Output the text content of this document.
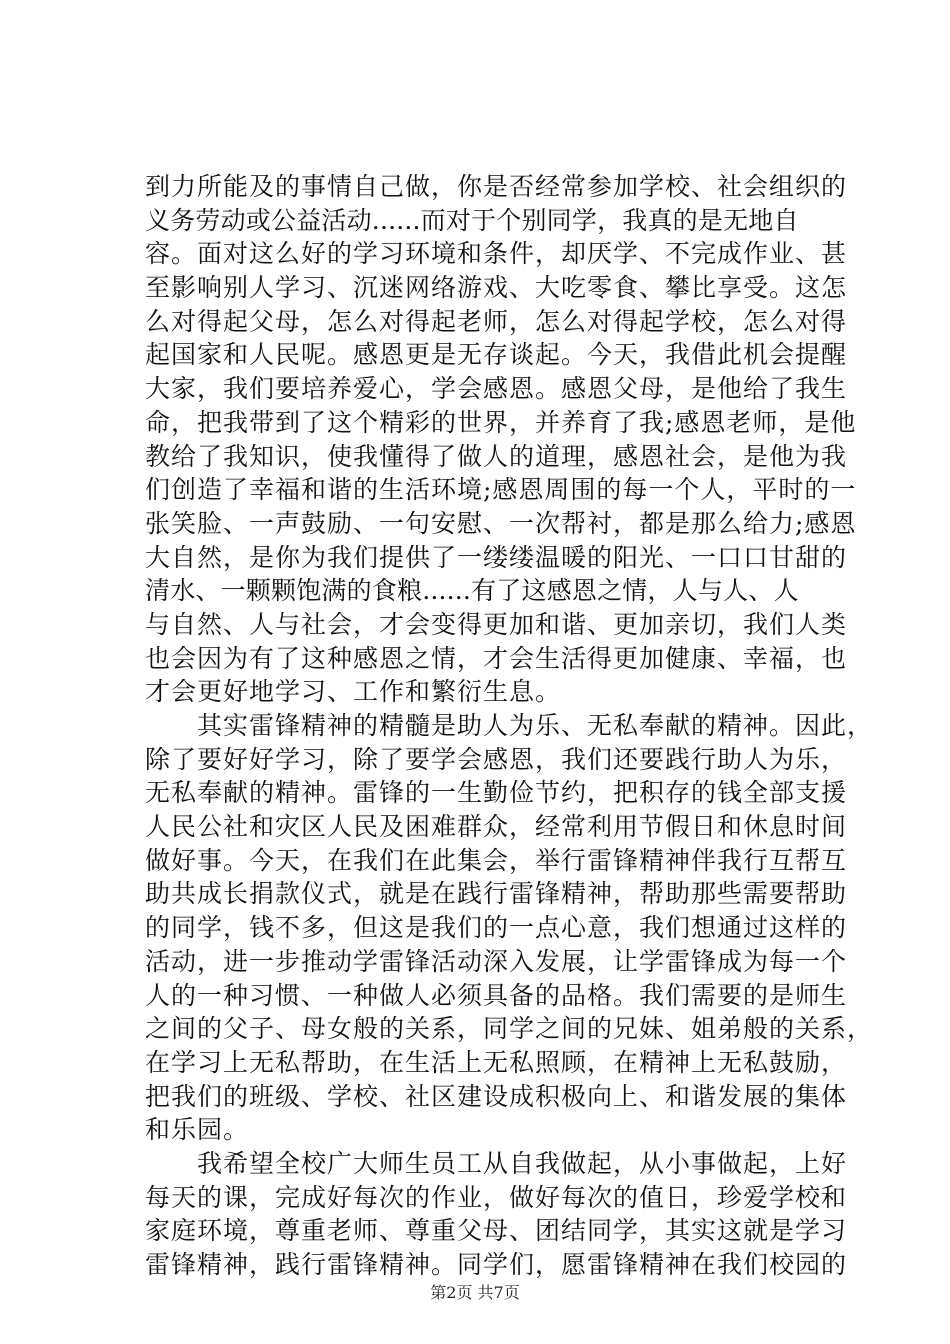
到力所能及的事情自己做，你是否经常参加学校、社会组织的
义务劳动或公益活动......而对于个别同学，我真的是无地自
容。面对这么好的学习环境和条件，却厌学、不完成作业、甚
至影响别人学习、沉迷网络游戏、大吃零食、攀比享受。这怎
么对得起父母，怎么对得起老师，怎么对得起学校，怎么对得
起国家和人民呢。感恩更是无存谈起。今天，我借此机会提醒
大家，我们要培养爱心，学会感恩。感恩父母，是他给了我生
命，把我带到了这个精彩的世界，并养育了我;感恩老师，是他
教给了我知识，使我懂得了做人的道理，感恩社会，是他为我
们创造了幸福和谐的生活环境;感恩周围的每一个人，平时的一
张笑脸、一声鼓励、一句安慰、一次帮衬，都是那么给力;感恩
大自然，是你为我们提供了一缕缕温暖的阳光、一口口甘甜的
清水、一颗颗饱满的食粮......有了这感恩之情，人与人、人
与自然、人与社会，才会变得更加和谐、更加亲切，我们人类
也会因为有了这种感恩之情，才会生活得更加健康、幸福，也
才会更好地学习、工作和繁衍生息。
　　其实雷锋精神的精髓是助人为乐、无私奉献的精神。因此，
除了要好好学习，除了要学会感恩，我们还要践行助人为乐，
无私奉献的精神。雷锋的一生勤俭节约，把积存的钱全部支援
人民公社和灾区人民及困难群众，经常利用节假日和休息时间
做好事。今天，在我们在此集会，举行雷锋精神伴我行互帮互
助共成长捐款仪式，就是在践行雷锋精神，帮助那些需要帮助
的同学，钱不多，但这是我们的一点心意，我们想通过这样的
活动，进一步推动学雷锋活动深入发展，让学雷锋成为每一个
人的一种习惯、一种做人必须具备的品格。我们需要的是师生
之间的父子、母女般的关系，同学之间的兄妹、姐弟般的关系，
在学习上无私帮助，在生活上无私照顾，在精神上无私鼓励，
把我们的班级、学校、社区建设成积极向上、和谐发展的集体
和乐园。
　　我希望全校广大师生员工从自我做起，从小事做起，上好
每天的课，完成好每次的作业，做好每次的值日，珍爱学校和
家庭环境，尊重老师、尊重父母、团结同学，其实这就是学习
雷锋精神，践行雷锋精神。同学们，愿雷锋精神在我们校园的
第2页 共7页
